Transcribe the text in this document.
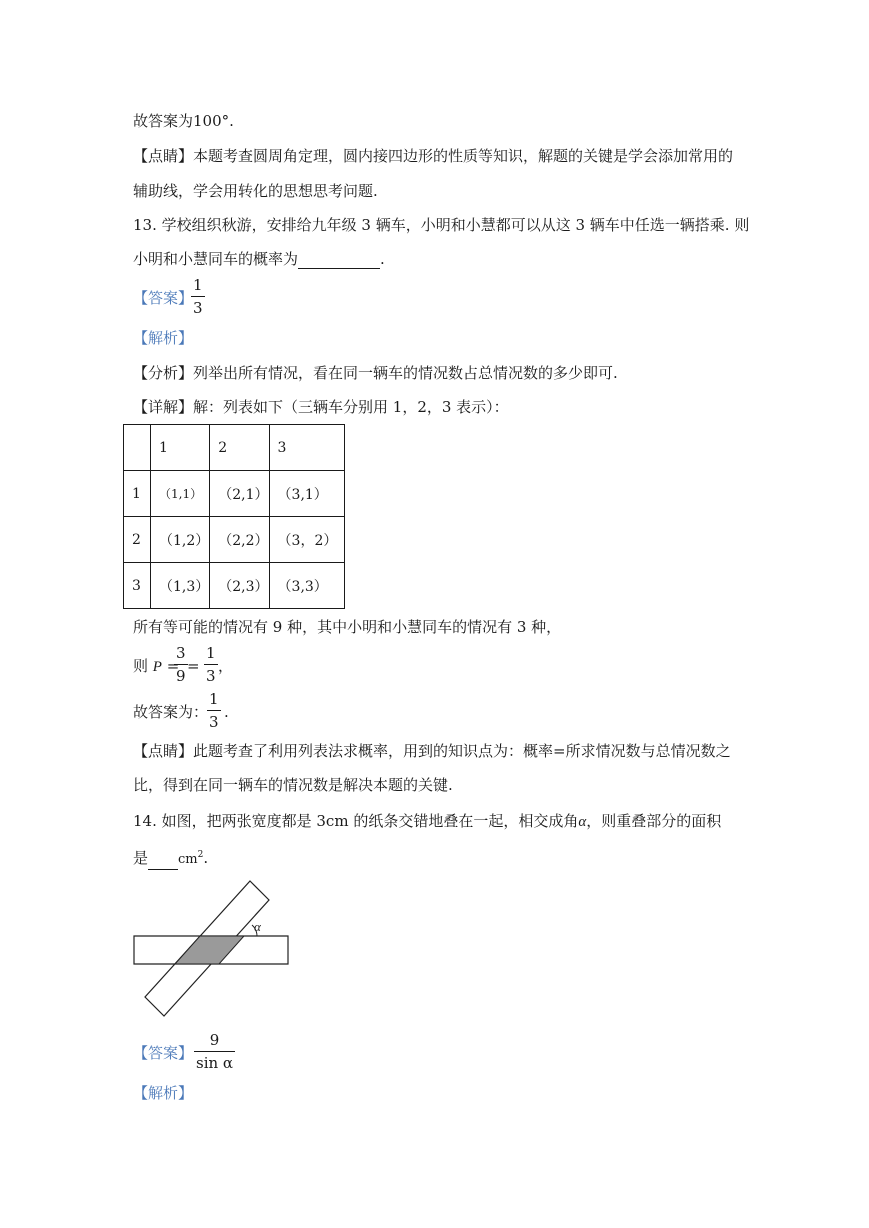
故答案为100°.
【点睛】本题考查圆周角定理，圆内接四边形的性质等知识，解题的关键是学会添加常用的
辅助线，学会用转化的思想思考问题.
13. 学校组织秋游，安排给九年级 3 辆车，小明和小慧都可以从这 3 辆车中任选一辆搭乘. 则
小明和小慧同车的概率为	.
【答案】
1
3
【解析】
【分析】列举出所有情况，看在同一辆车的情况数占总情况数的多少即可.
【详解】解：列表如下（三辆车分别用 1，2，3 表示）：
	1	2	3
1	（1,1）	（2,1）	（3,1）
2	（1,2）	（2,2）	（3，2）
3	（1,3）	（2,3）	（3,3）
所有等可能的情况有 9 种，其中小明和小慧同车的情况有 3 种，
则 P =
3
9
=
1
3
，
故答案为：
1
3
.
【点睛】此题考查了利用列表法求概率，用到的知识点为：概率=所求情况数与总情况数之
比，得到在同一辆车的情况数是解决本题的关键.
14. 如图，把两张宽度都是 3cm 的纸条交错地叠在一起，相交成角α，则重叠部分的面积
是 $cm^2$.
α
【答案】
9
sin α
【解析】
